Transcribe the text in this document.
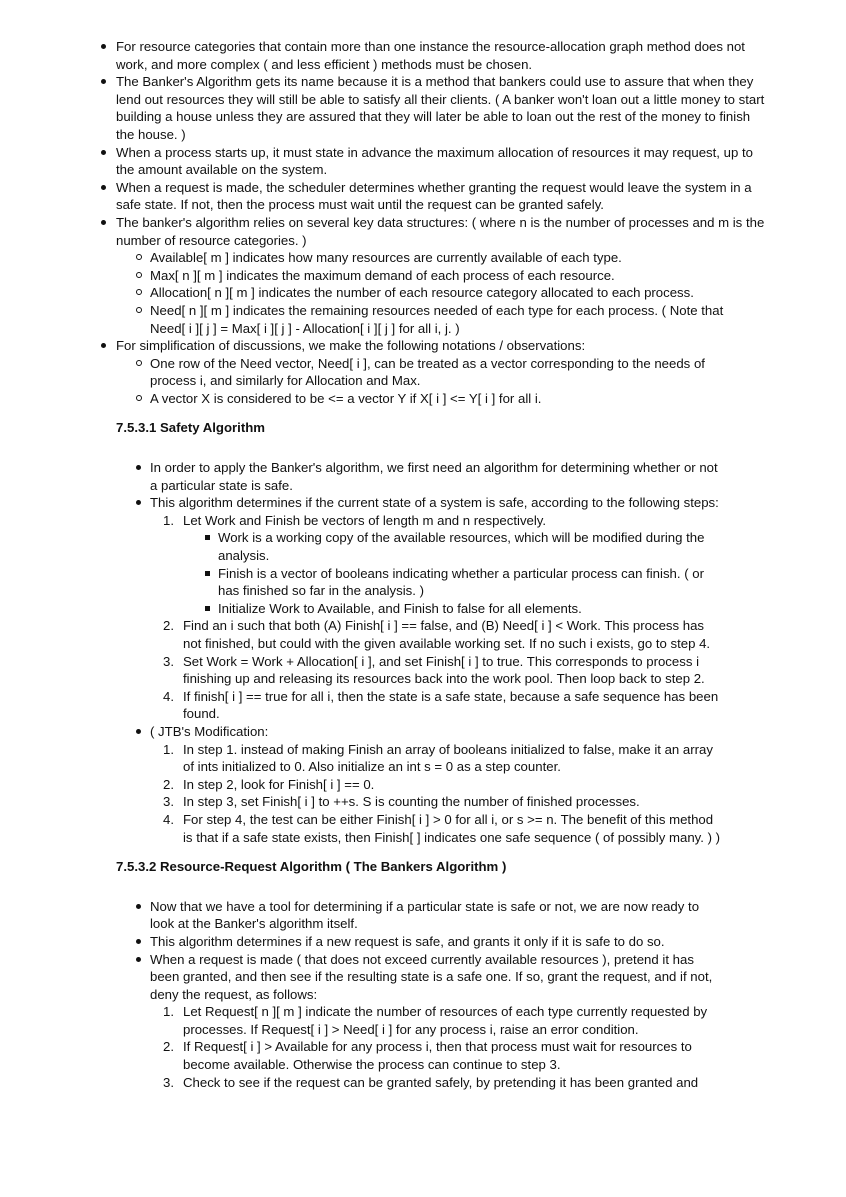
For resource categories that contain more than one instance the resource-allocation graph method does not work, and more complex ( and less efficient ) methods must be chosen.
The Banker's Algorithm gets its name because it is a method that bankers could use to assure that when they lend out resources they will still be able to satisfy all their clients. ( A banker won't loan out a little money to start building a house unless they are assured that they will later be able to loan out the rest of the money to finish the house. )
When a process starts up, it must state in advance the maximum allocation of resources it may request, up to the amount available on the system.
When a request is made, the scheduler determines whether granting the request would leave the system in a safe state. If not, then the process must wait until the request can be granted safely.
The banker's algorithm relies on several key data structures: ( where n is the number of processes and m is the number of resource categories. )
Available[ m ] indicates how many resources are currently available of each type.
Max[ n ][ m ] indicates the maximum demand of each process of each resource.
Allocation[ n ][ m ] indicates the number of each resource category allocated to each process.
Need[ n ][ m ] indicates the remaining resources needed of each type for each process. ( Note that Need[ i ][ j ] = Max[ i ][ j ] - Allocation[ i ][ j ] for all i, j. )
For simplification of discussions, we make the following notations / observations:
One row of the Need vector, Need[ i ], can be treated as a vector corresponding to the needs of process i, and similarly for Allocation and Max.
A vector X is considered to be <= a vector Y if X[ i ] <= Y[ i ] for all i.
7.5.3.1 Safety Algorithm
In order to apply the Banker's algorithm, we first need an algorithm for determining whether or not a particular state is safe.
This algorithm determines if the current state of a system is safe, according to the following steps:
1. Let Work and Finish be vectors of length m and n respectively.
Work is a working copy of the available resources, which will be modified during the analysis.
Finish is a vector of booleans indicating whether a particular process can finish. ( or has finished so far in the analysis. )
Initialize Work to Available, and Finish to false for all elements.
2. Find an i such that both (A) Finish[ i ] == false, and (B) Need[ i ] < Work. This process has not finished, but could with the given available working set. If no such i exists, go to step 4.
3. Set Work = Work + Allocation[ i ], and set Finish[ i ] to true. This corresponds to process i finishing up and releasing its resources back into the work pool. Then loop back to step 2.
4. If finish[ i ] == true for all i, then the state is a safe state, because a safe sequence has been found.
( JTB's Modification:
1. In step 1. instead of making Finish an array of booleans initialized to false, make it an array of ints initialized to 0. Also initialize an int s = 0 as a step counter.
2. In step 2, look for Finish[ i ] == 0.
3. In step 3, set Finish[ i ] to ++s. S is counting the number of finished processes.
4. For step 4, the test can be either Finish[ i ] > 0 for all i, or s >= n. The benefit of this method is that if a safe state exists, then Finish[ ] indicates one safe sequence ( of possibly many. ) )
7.5.3.2 Resource-Request Algorithm ( The Bankers Algorithm )
Now that we have a tool for determining if a particular state is safe or not, we are now ready to look at the Banker's algorithm itself.
This algorithm determines if a new request is safe, and grants it only if it is safe to do so.
When a request is made ( that does not exceed currently available resources ), pretend it has been granted, and then see if the resulting state is a safe one. If so, grant the request, and if not, deny the request, as follows:
1. Let Request[ n ][ m ] indicate the number of resources of each type currently requested by processes. If Request[ i ] > Need[ i ] for any process i, raise an error condition.
2. If Request[ i ] > Available for any process i, then that process must wait for resources to become available. Otherwise the process can continue to step 3.
3. Check to see if the request can be granted safely, by pretending it has been granted and
